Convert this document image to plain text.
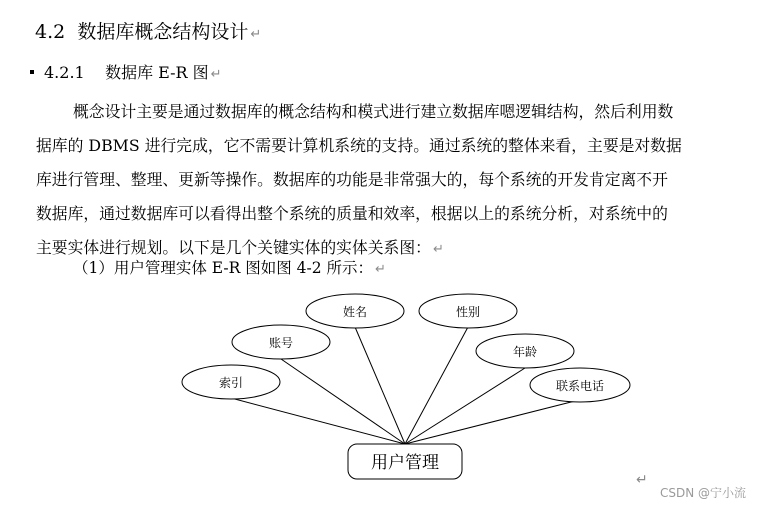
4.2 数据库概念结构设计 ↵
4.2.1 数据库 E-R 图 ↵
概念设计主要是通过数据库的概念结构和模式进行建立数据库嗯逻辑结构，然后利用数
据库的 DBMS 进行完成，它不需要计算机系统的支持。通过系统的整体来看，主要是对数据
库进行管理、整理、更新等操作。数据库的功能是非常强大的，每个系统的开发肯定离不开
数据库，通过数据库可以看得出整个系统的质量和效率，根据以上的系统分析，对系统中的
主要实体进行规划。以下是几个关键实体的实体关系图： ↵
（1）用户管理实体 E-R 图如图 4-2 所示： ↵
索引
账号
姓名	性别
年龄
联系电话
用户管理
↵
CSDN @宁小流
